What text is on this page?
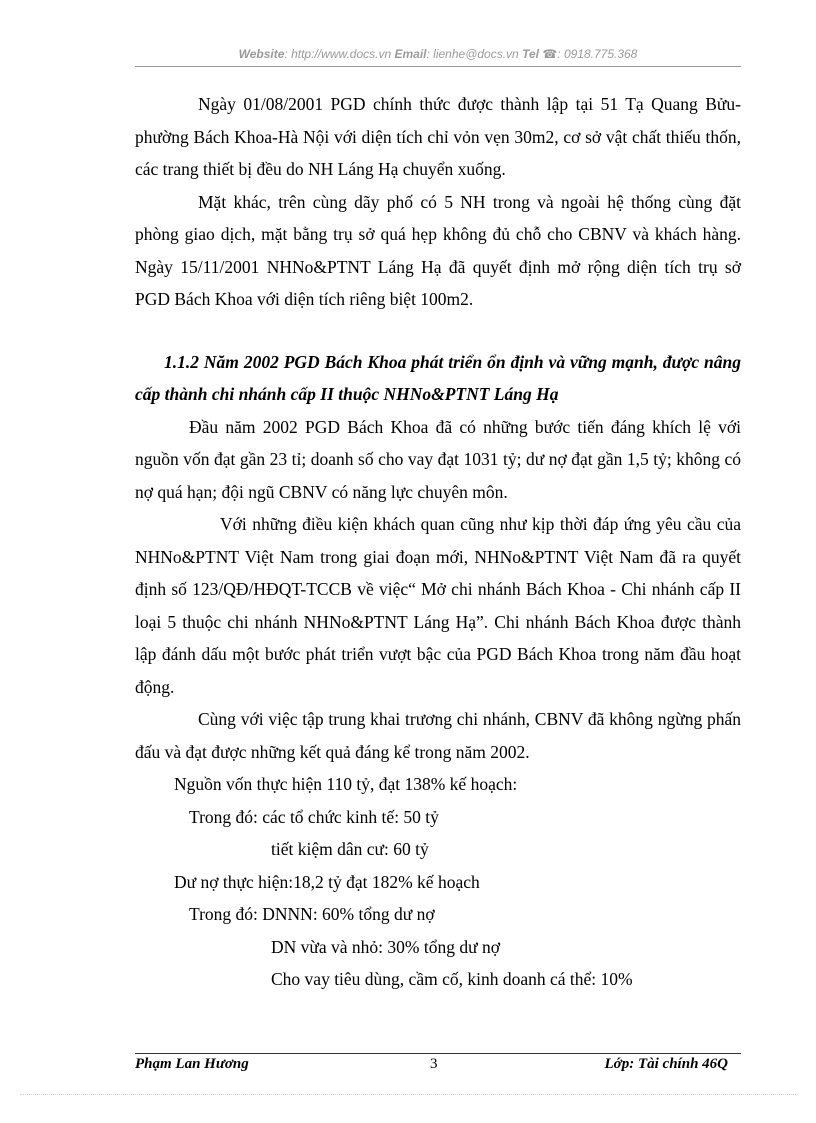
Website: http://www.docs.vn Email: lienhe@docs.vn Tel ☎: 0918.775.368

Ngày 01/08/2001 PGD chính thức được thành lập tại 51 Tạ Quang Bửu-phường Bách Khoa-Hà Nội với diện tích chỉ vỏn vẹn 30m2, cơ sở vật chất thiếu thốn, các trang thiết bị đều do NH Láng Hạ chuyển xuống.

Mặt khác, trên cùng dãy phố có 5 NH trong và ngoài hệ thống cùng đặt phòng giao dịch, mặt bằng trụ sở quá hẹp không đủ chỗ cho CBNV và khách hàng. Ngày 15/11/2001 NHNo&PTNT Láng Hạ đã quyết định mở rộng diện tích trụ sở PGD Bách Khoa với diện tích riêng biệt 100m2.

1.1.2 Năm 2002 PGD Bách Khoa phát triển ổn định và vững mạnh, được nâng cấp thành chi nhánh cấp II thuộc NHNo&PTNT Láng Hạ

Đầu năm 2002 PGD Bách Khoa đã có những bước tiến đáng khích lệ với nguồn vốn đạt gần 23 tỉ; doanh số cho vay đạt 1031 tỷ; dư nợ đạt gần 1,5 tỷ; không có nợ quá hạn; đội ngũ CBNV có năng lực chuyên môn.

Với những điều kiện khách quan cũng như kịp thời đáp ứng yêu cầu của NHNo&PTNT Việt Nam trong giai đoạn mới, NHNo&PTNT Việt Nam đã ra quyết định số 123/QĐ/HĐQT-TCCB về việc“ Mở chi nhánh Bách Khoa - Chi nhánh cấp II loại 5 thuộc chi nhánh NHNo&PTNT Láng Hạ”. Chi nhánh Bách Khoa được thành lập đánh dấu một bước phát triển vượt bậc của PGD Bách Khoa trong năm đầu hoạt động.

Cùng với việc tập trung khai trương chi nhánh, CBNV đã không ngừng phấn đấu và đạt được những kết quả đáng kể trong năm 2002.

Nguồn vốn thực hiện 110 tỷ, đạt 138% kế hoạch:
Trong đó: các tổ chức kinh tế: 50 tỷ
tiết kiệm dân cư: 60 tỷ
Dư nợ thực hiện:18,2 tỷ đạt 182% kế hoạch
Trong đó: DNNN: 60% tổng dư nợ
DN vừa và nhỏ: 30% tổng dư nợ
Cho vay tiêu dùng, cầm cố, kinh doanh cá thể: 10%
Phạm Lan Hương	3	Lớp: Tài chính 46Q
